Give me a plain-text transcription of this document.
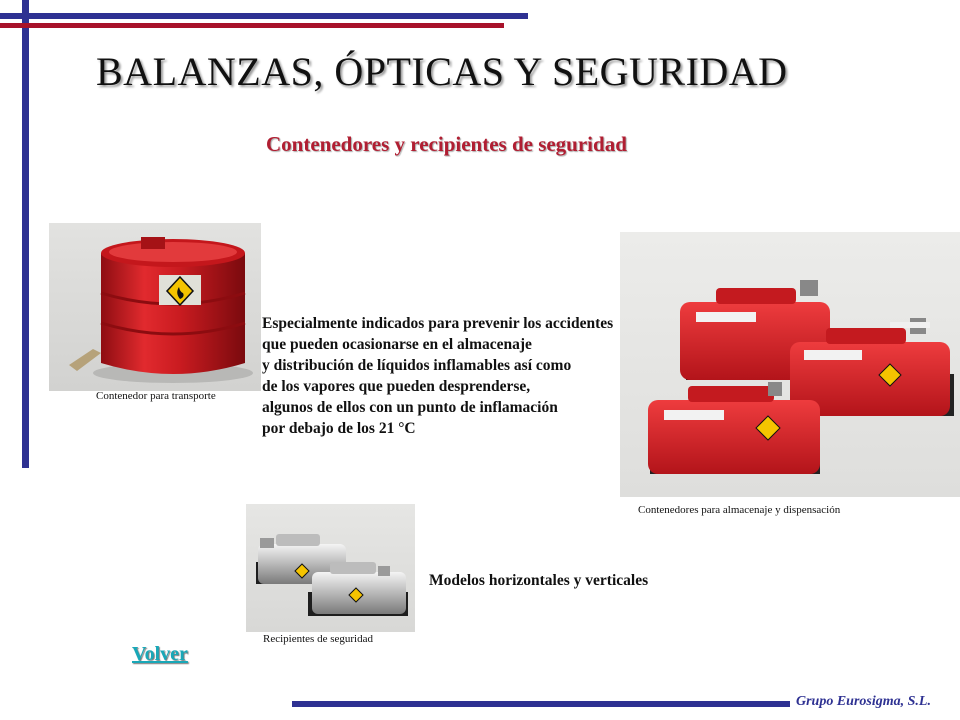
BALANZAS, ÓPTICAS Y SEGURIDAD
Contenedores y recipientes de seguridad
Contenedor para transporte
Contenedores para almacenaje y dispensación
Recipientes de seguridad
Especialmente indicados para prevenir los accidentes
que pueden ocasionarse en el almacenaje
y distribución de líquidos inflamables así como
de los vapores que pueden desprenderse,
algunos de ellos con un punto de inflamación
por debajo de los 21 °C
Modelos horizontales y verticales
Volver
Grupo Eurosigma, S.L.
